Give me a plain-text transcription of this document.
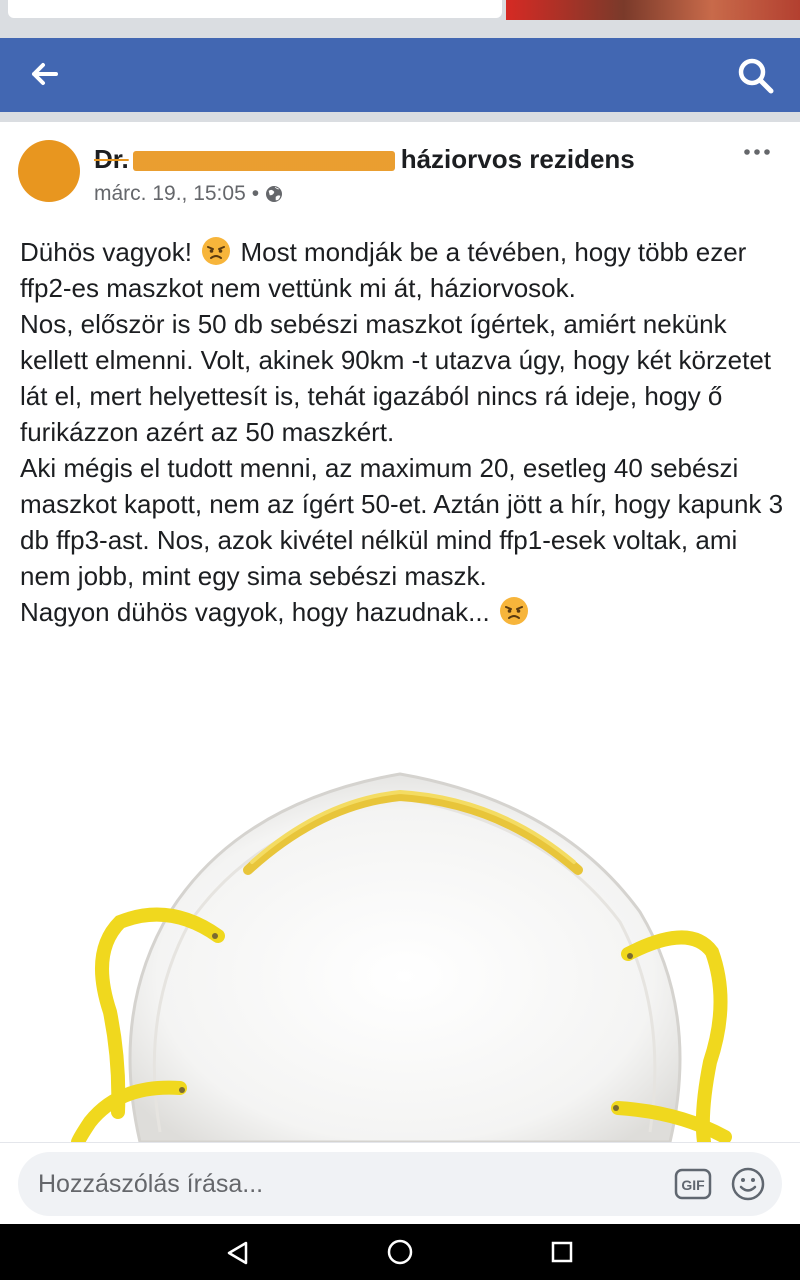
Dr.	háziorvos rezidens
márc. 19., 15:05 •

Dühös vagyok! Most mondják be a tévében, hogy több ezer ffp2-es maszkot nem vettünk mi át, háziorvosok.

Nos, először is 50 db sebészi maszkot ígértek, amiért nekünk kellett elmenni. Volt, akinek 90km -t utazva úgy, hogy két körzetet lát el, mert helyettesít is, tehát igazából nincs rá ideje, hogy ő furikázzon azért az 50 maszkért.

Aki mégis el tudott menni, az maximum 20, esetleg 40 sebészi maszkot kapott, nem az ígért 50-et. Aztán jött a hír, hogy kapunk 3 db ffp3-ast. Nos, azok kivétel nélkül mind ffp1-esek voltak, ami nem jobb, mint egy sima sebészi maszk.

Nagyon dühös vagyok, hogy hazudnak...

Hozzászólás írása...	GIF
